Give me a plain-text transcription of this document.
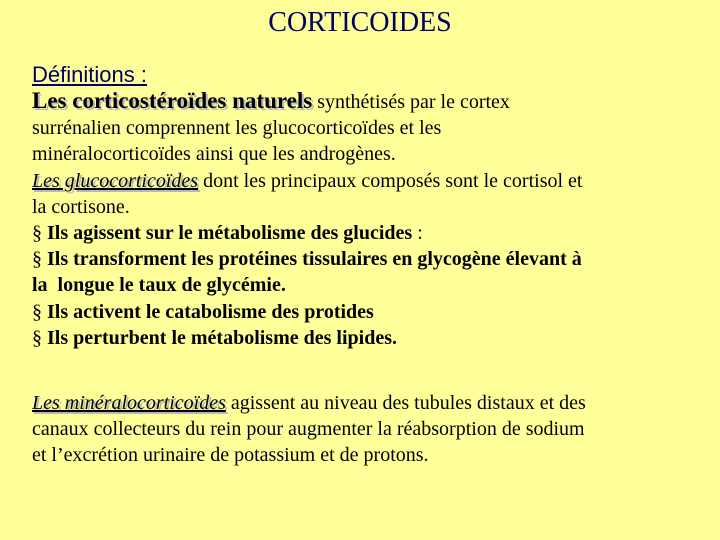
CORTICOIDES
Définitions :
Les corticostéroïdes naturels synthétisés par le cortex
surrénalien comprennent les glucocorticoïdes et les
minéralocorticoïdes ainsi que les androgènes.
Les glucocorticoïdes dont les principaux composés sont le cortisol et
la cortisone.
§ Ils agissent sur le métabolisme des glucides :
§ Ils transforment les protéines tissulaires en glycogène élevant à
la  longue le taux de glycémie.
§ Ils activent le catabolisme des protides
§ Ils perturbent le métabolisme des lipides.
Les minéralocorticoïdes agissent au niveau des tubules distaux et des
canaux collecteurs du rein pour augmenter la réabsorption de sodium
et l’excrétion urinaire de potassium et de protons.
